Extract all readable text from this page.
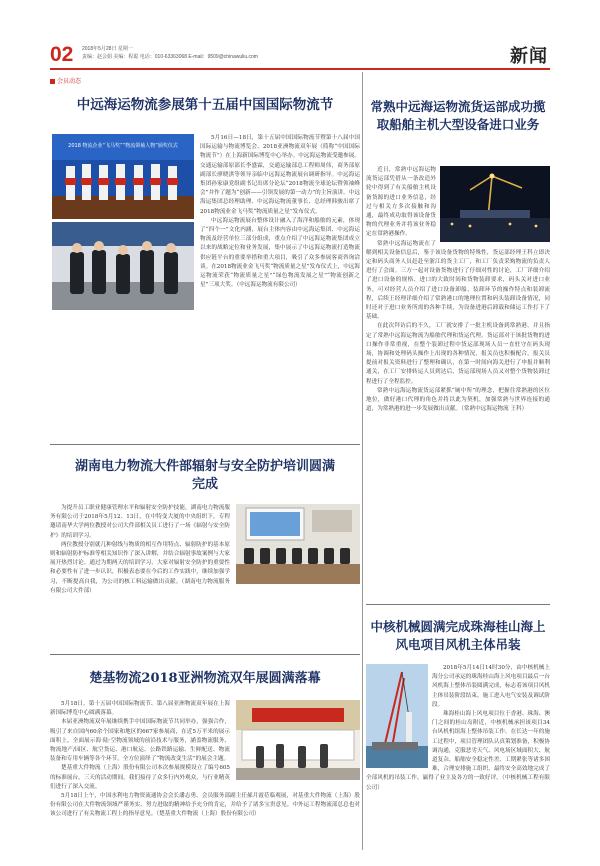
02 2018年5月28日 星期一
责编：赵会娟 美编：程聪 电话：010-63363068 E-mail：9509@chinawuliu.com	新闻
会员动态
中远海运物流参展第十五届中国国际物流节
2018 物流企业“飞马奖”“物流领袖人物”颁奖仪式

5月16日—18日，第十五届中国国际物流节暨第十八届中国国际运输与物流博览会、2018亚洲物流双年展（简称“中国国际物流节”）在上海新国际博览中心举办。中远海运物流受邀参展。交通运输部原部长李盛霖，交通运输部总工程师周伟，商务部原副部长廖晓淇等领导亲临中远海运物流展台调研指导。中远海运集团孙家康党组副书记出席分论坛“2018物流全球论坛暨领袖峰会”并作了题为“创新——引领发展的第一动力”的主旨演讲。中远海运集团总经理助理、中远海运物流董事长、总经理韩骏出席了2018物流业金飞马奖“物流质量之星”发布仪式。

中远海运物流展台整体设计融入了海洋和船舶的元素，体现了“四个一”文化内涵，展台主体内容由中远海运集团、中远海运物流及经营单位三部分组成，重点介绍了中远海运物流集团成立以来的战略定位和业务发展，集中展示了中远海运物流打造物流供应链平台的重要举措和重大项目，吸引了众多参展客商咨询洽谈。在2018物流业金飞马奖“物流质量之星”发布仪式上，中远海运物流荣获“物流质量之星”“绿色物流发展之星”“物流创新之星”三项大奖。（中远海运物流有限公司）

湖南电力物流大件部辐射与安全防护培训圆满完成

为提升员工职业健康管理水平和辐射安全防护技能，湖南电力物流服务有限公司于2018年5月12、13日，在中特变大厦的中央组织下，专程邀请南华大学两位教授对公司大件部相关员工进行了一场《辐射与安全防护》的培训学习。

两位教授分别就几种射线与物质的相互作用特点、辐射防护的基本原则和辐射防护标准等相关知识作了深入讲解，并结合辐射事故案例与大家展开热烈讨论。通过为期两天的培训学习，大家对辐射安全防护的重要性和必要性有了进一步认识，积极表态要在今后的工作实践中，继续加强学习，不断提高自我，为公司的核工料运输做出贡献。（湖南电力物流服务有限公司大件部）

楚基物流2018亚洲物流双年展圆满落幕

5月18日，第十五届中国国际物流节、第八届亚洲物流双年展在上海新国际博览中心圆满落幕。

本届亚洲物流双年展继续携手中国国际物流节共同举办，强强合作，吸引了来自国内60余个国家和地区的667家参展商，在近5万平米的展示面积上，全面展示海·陆·空物流领域的前沿技术与服务，涵盖物流服务、物流地产/园区、航空货运、港口航运、公路铁路运输、生鲜配送、物流装备和专用车辆等各个环节，全方位演绎了“物流改变生活”的展会主题。

楚基重大件物流（上海）股份有限公司本次参展规模设立了编号605的标准展台，三天的活动期间，我们接待了众多行内外观众，与行业精英们进行了深入交流。

5月18日上午，中国水利电力物资流通协会会长潘志勇、会员服务部副主任郝月霞莅临观展，对基重大件物流（上海）股份有限公司在大件物流领域严谨务实、努力进取的精神给予充分的肯定，并给予了诸多宝贵意见。中外运工程物流部总总也对该公司进行了有关物流工程上的指导意见。（楚基重大件物流（上海）股份有限公司）

常熟中远海运物流货运部成功揽取船舶主机大型设备进口业务

近日，常熟中远海运物流货运部凭借从一条改造外轮中得到了有关船舶主机设备货源的进口业务信息，经过与相关方多次接触和沟通，最终成功取得该设备货物的代理业务并将该业务稳定在常熟港操作。

常熟中远海运物流在了解到相关设备信息后，鉴于该设备货物的特殊性，货运部经理王科立即决定和码头商务人员赶赴至浙江的货主工厂，和工厂负责采购物流的负责人进行了会面。三方一起对设备货物进行了仔细对性的讨论，工厂详细介绍了进口设备的规格、进口的大致时间和货物装卸要求，码头关对进口业务，可对经营人员介绍了进口设备卸船、装卸环节的操作特点和装卸流程，后续王经理详细介绍了常熟港口的地理位置和码头装卸设备情况，同时还对于进口业务所需的各种手续，为设备进港后卸载和储运工作打下了基础。

在此次拜访后的不久，工厂就安排了一批主机设备到常熟港，并且指定了常熟中远海运物流为船舶代理和货运代理。货运部对于该批货物的进口操作非常重视，在整个装卸过程中货运部现场人员一直驻守在码头现场，协调和处理码头操作上出现的各种情况，报关员也积极配合，报关员提前对报关资料进行了整理和确认，在第一时间向海关进行了申报并顺利通关，在工厂安排转运人员到达后，货运部现场人员又对整个货物装卸过程进行了全程监控。

常熟中远海运物流货运部紧抓“厕中所”的理念，把握住常熟港的区位地位，做好港口代理的角色并将以此为契机，加强常熟与世界连接的通道，为常熟港的进一步发展做出贡献。（常熟中远海运物流 王科）

中核机械圆满完成珠海桂山海上风电项目风机主体吊装

2018年5月14日14时30分，由中核机械上海分公司承运的珠海桂山海上风电项目最后一台风机海上整体吊装圆满完成，标志着该项目风机主体吊装阶段结束，施工进入电气安装及调试阶段。

珠海桂山海上风电项目位于香港、珠海、澳门之间的桂山岛附近，中核机械承担该项目34台风机机组海上整体吊装工作。在长达一年的施工过程中，项目管理团队认真策划准备，积极协调沟通，克服恶劣天气、风电场区域面积大、航道复杂、船舶安全稳定性差、工期紧张等诸多困难，合理安排施工组织，最终安全高效地完成了全部风机的吊装工作，赢得了业主及各方的一致好评。（中核机械工程有限公司）
